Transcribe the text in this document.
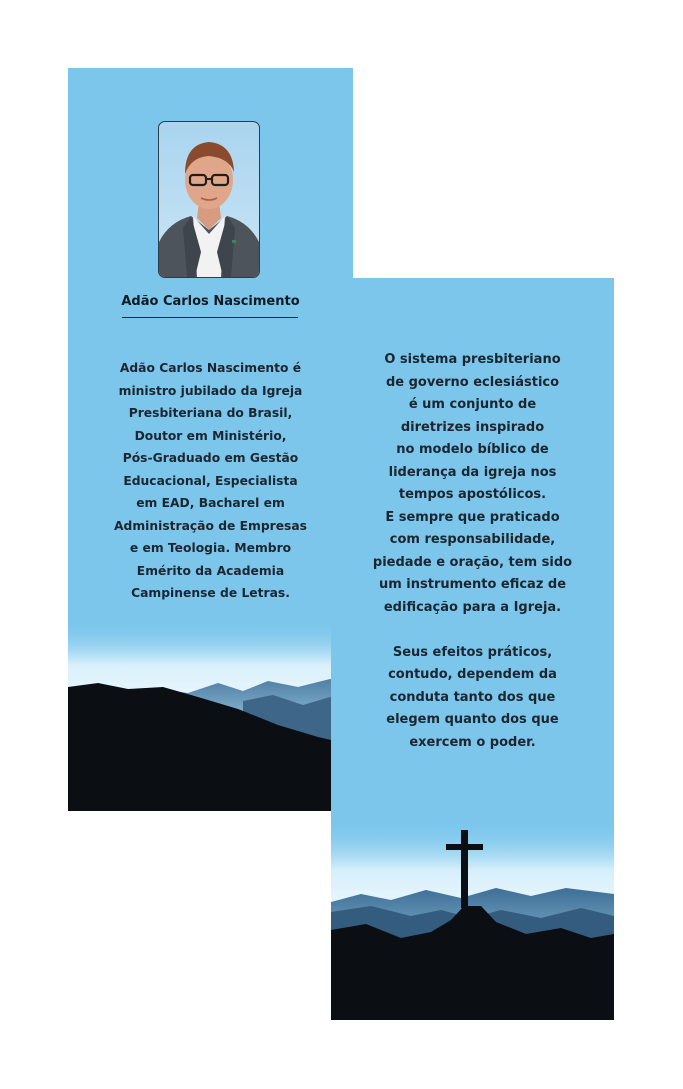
Adão Carlos Nascimento
Adão Carlos Nascimento é
ministro jubilado da Igreja
Presbiteriana do Brasil,
Doutor em Ministério,
Pós-Graduado em Gestão
Educacional, Especialista
em EAD, Bacharel em
Administração de Empresas
e em Teologia. Membro
Emérito da Academia
Campinense de Letras.
O sistema presbiteriano
de governo eclesiástico
é um conjunto de
diretrizes inspirado
no modelo bíblico de
liderança da igreja nos
tempos apostólicos.
E sempre que praticado
com responsabilidade,
piedade e oração, tem sido
um instrumento eficaz de
edificação para a Igreja.
Seus efeitos práticos,
contudo, dependem da
conduta tanto dos que
elegem quanto dos que
exercem o poder.
